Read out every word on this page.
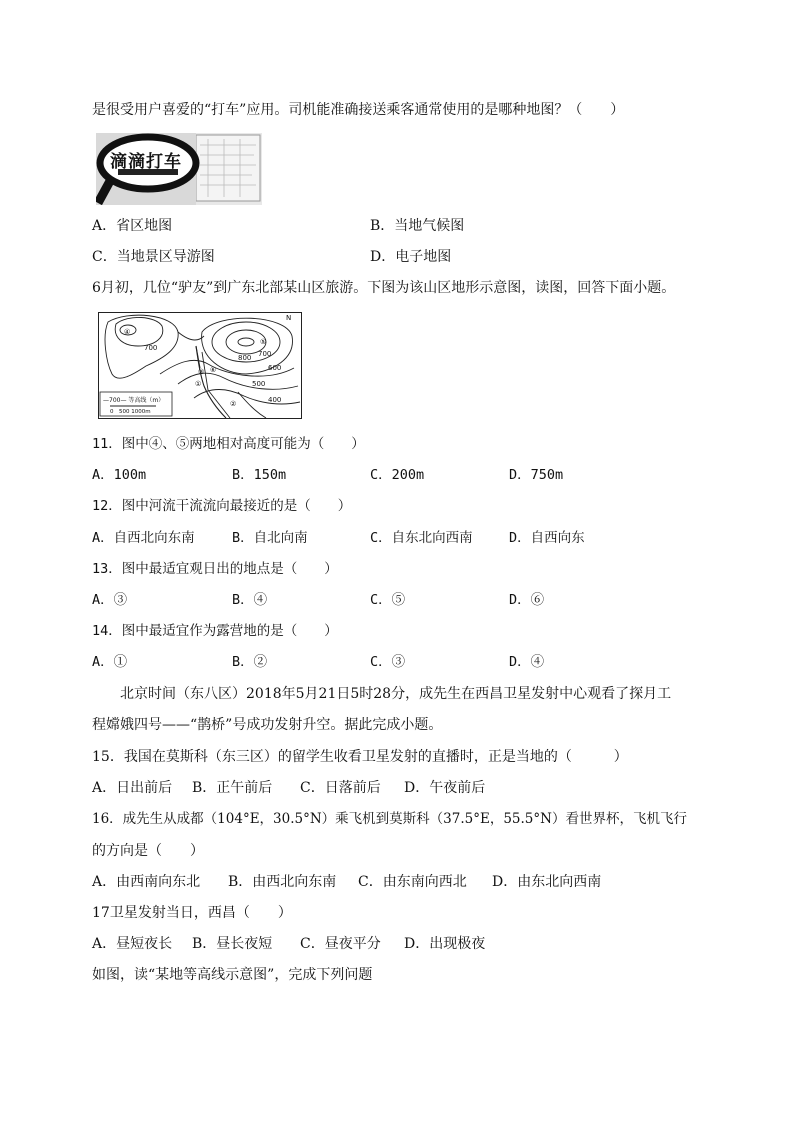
是很受用户喜爱的“打车”应用。司机能准确接送乘客通常使用的是哪种地图？（　　）
滴滴打车
A．省区地图	B．当地气候图
C．当地景区导游图	D．电子地图
6月初，几位“驴友”到广东北部某山区旅游。下图为该山区地形示意图，读图，回答下面小题。
700
800 700
600
500
400
④
⑤
⑥
③
①
②
N
—700— 等高线（m）
0　500 1000m
11．图中④、⑤两地相对高度可能为（　　）
A．100m	B．150m	C．200m	D．750m
12．图中河流干流流向最接近的是（　　）
A．自西北向东南	B．自北向南	C．自东北向西南	D．自西向东
13．图中最适宜观日出的地点是（　　）
A．③	B．④	C．⑤	D．⑥
14．图中最适宜作为露营地的是（　　）
A．①	B．②	C．③	D．④
北京时间（东八区）2018年5月21日5时28分，成先生在西昌卫星发射中心观看了探月工
程嫦娥四号——“鹊桥”号成功发射升空。据此完成小题。
15．我国在莫斯科（东三区）的留学生收看卫星发射的直播时，正是当地的（　　　）
A．日出前后 B．正午前后 C．日落前后 D．午夜前后
16．成先生从成都（104°E，30.5°N）乘飞机到莫斯科（37.5°E，55.5°N）看世界杯，飞机飞行
的方向是（　　）
A．由西南向东北 B．由西北向东南 C．由东南向西北 D．由东北向西南
17卫星发射当日，西昌（　　）
A．昼短夜长 B．昼长夜短 C．昼夜平分 D．出现极夜
如图，读“某地等高线示意图”，完成下列问题
